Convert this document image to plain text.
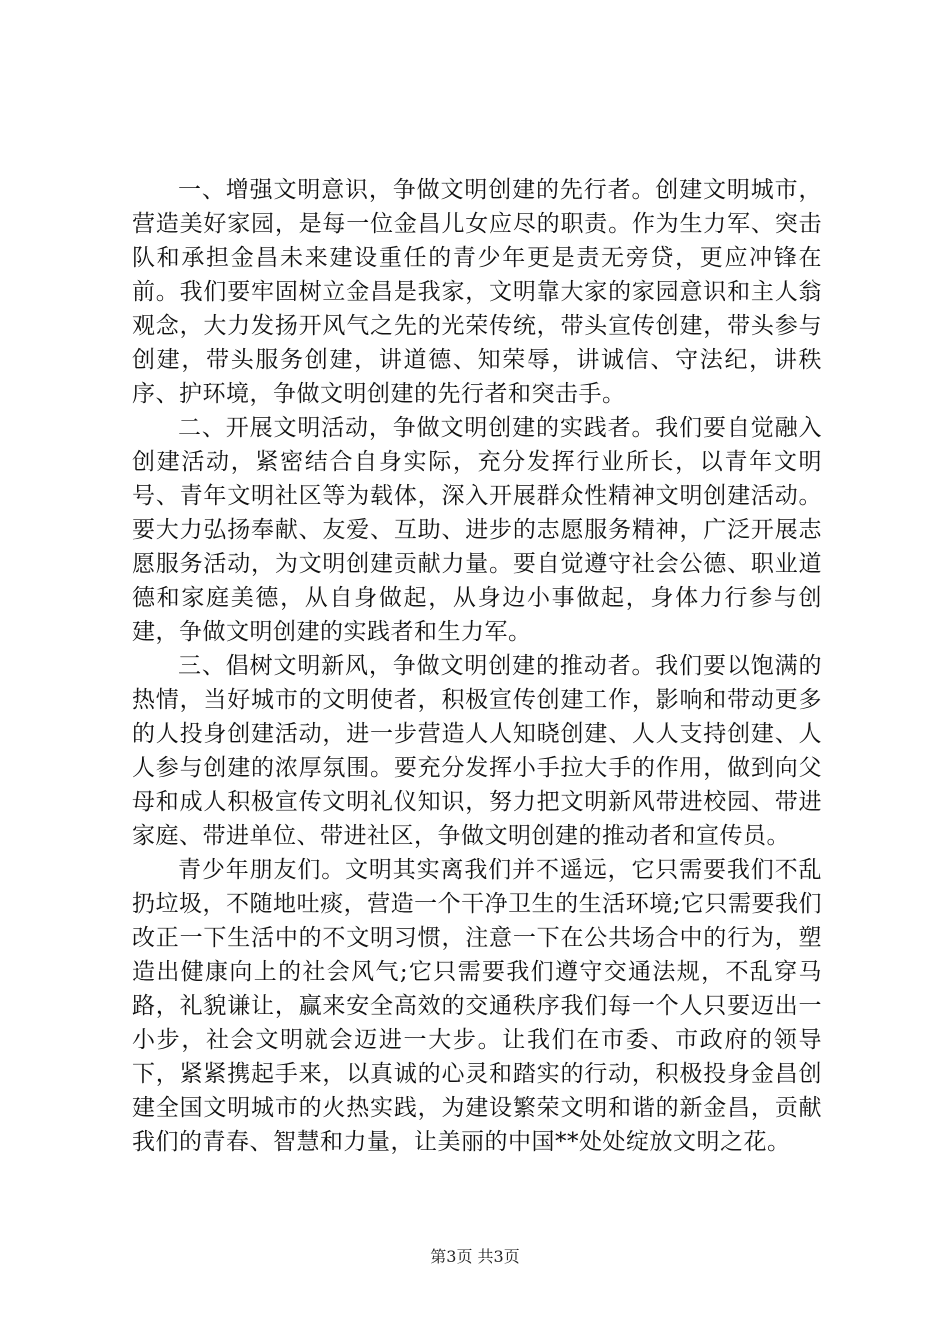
一、增强文明意识，争做文明创建的先行者。创建文明城市，营造美好家园，是每一位金昌儿女应尽的职责。作为生力军、突击队和承担金昌未来建设重任的青少年更是责无旁贷，更应冲锋在前。我们要牢固树立金昌是我家，文明靠大家的家园意识和主人翁观念，大力发扬开风气之先的光荣传统，带头宣传创建，带头参与创建，带头服务创建，讲道德、知荣辱，讲诚信、守法纪，讲秩序、护环境，争做文明创建的先行者和突击手。

二、开展文明活动，争做文明创建的实践者。我们要自觉融入创建活动，紧密结合自身实际，充分发挥行业所长，以青年文明号、青年文明社区等为载体，深入开展群众性精神文明创建活动。要大力弘扬奉献、友爱、互助、进步的志愿服务精神，广泛开展志愿服务活动，为文明创建贡献力量。要自觉遵守社会公德、职业道德和家庭美德，从自身做起，从身边小事做起，身体力行参与创建，争做文明创建的实践者和生力军。

三、倡树文明新风，争做文明创建的推动者。我们要以饱满的热情，当好城市的文明使者，积极宣传创建工作，影响和带动更多的人投身创建活动，进一步营造人人知晓创建、人人支持创建、人人参与创建的浓厚氛围。要充分发挥小手拉大手的作用，做到向父母和成人积极宣传文明礼仪知识，努力把文明新风带进校园、带进家庭、带进单位、带进社区，争做文明创建的推动者和宣传员。

青少年朋友们。文明其实离我们并不遥远，它只需要我们不乱扔垃圾，不随地吐痰，营造一个干净卫生的生活环境;它只需要我们改正一下生活中的不文明习惯，注意一下在公共场合中的行为，塑造出健康向上的社会风气;它只需要我们遵守交通法规，不乱穿马路，礼貌谦让，赢来安全高效的交通秩序我们每一个人只要迈出一小步，社会文明就会迈进一大步。让我们在市委、市政府的领导下，紧紧携起手来，以真诚的心灵和踏实的行动，积极投身金昌创建全国文明城市的火热实践，为建设繁荣文明和谐的新金昌，贡献我们的青春、智慧和力量，让美丽的中国**处处绽放文明之花。

第3页 共3页
